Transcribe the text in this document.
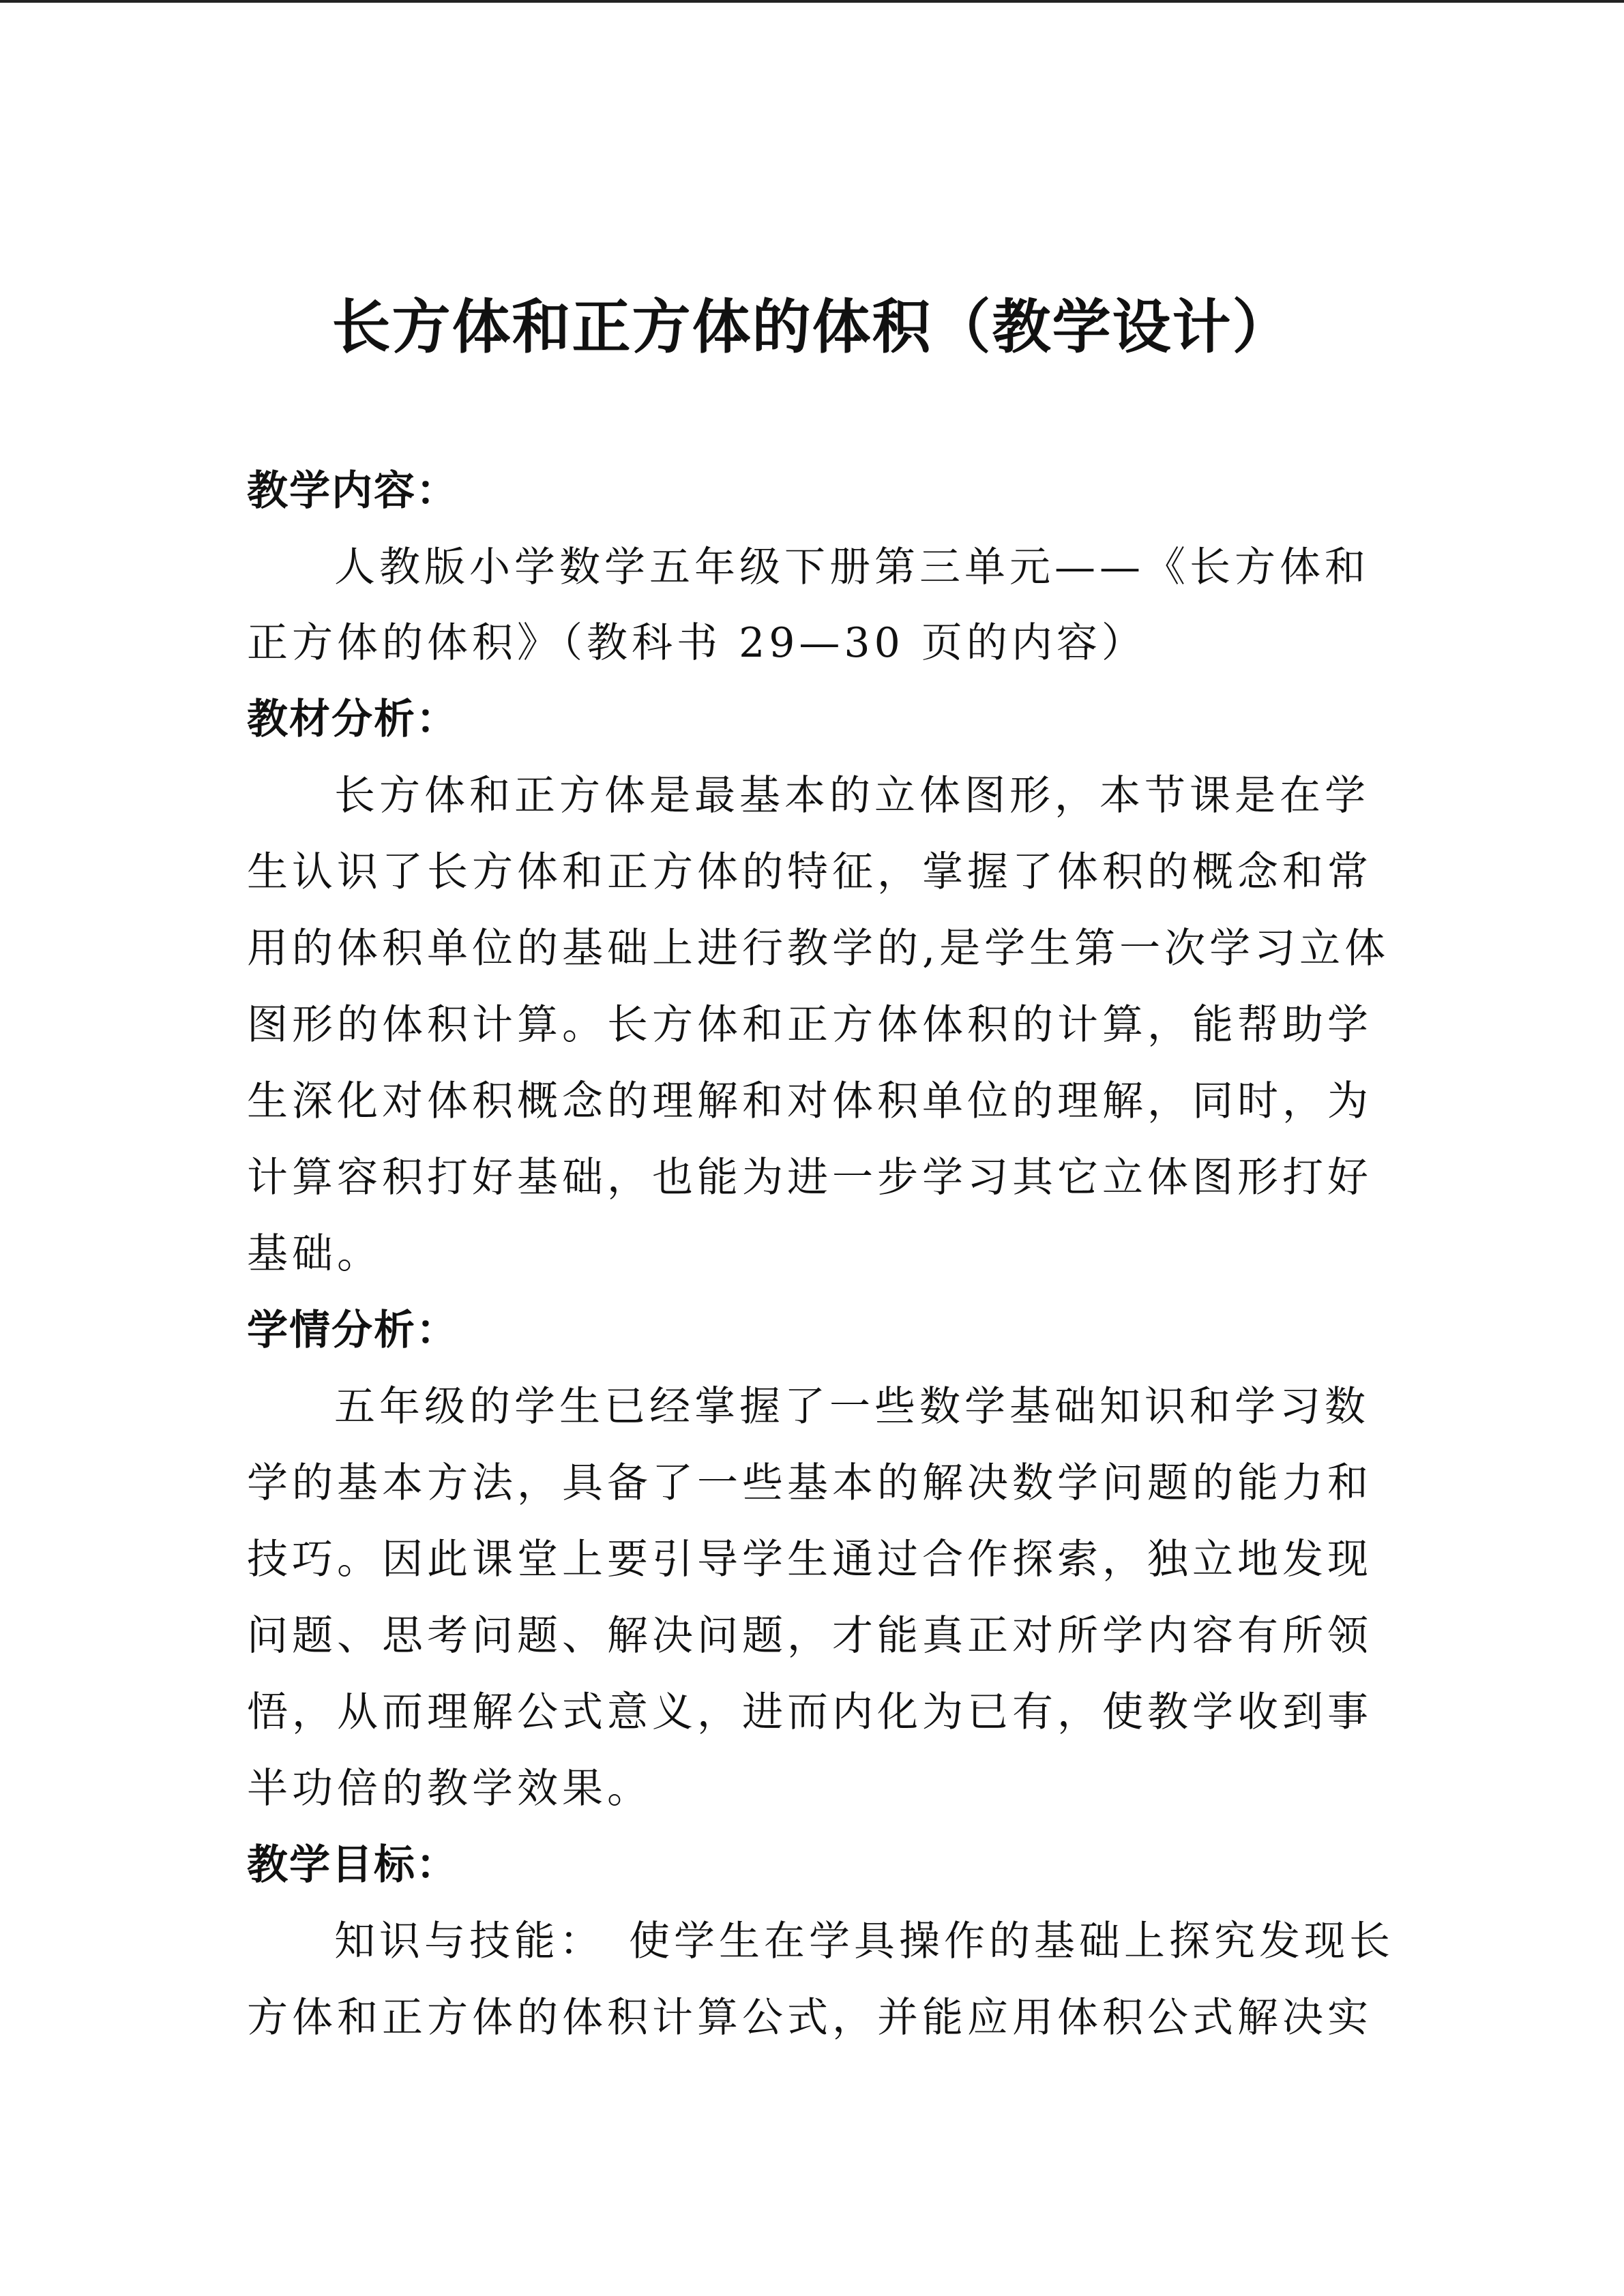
长方体和正方体的体积（教学设计）
教学内容：
人教版小学数学五年级下册第三单元——《长方体和
正方体的体积》（教科书 29—30 页的内容）
教材分析：
长方体和正方体是最基本的立体图形，本节课是在学
生认识了长方体和正方体的特征，掌握了体积的概念和常
用的体积单位的基础上进行教学的,是学生第一次学习立体
图形的体积计算。长方体和正方体体积的计算，能帮助学
生深化对体积概念的理解和对体积单位的理解，同时，为
计算容积打好基础，也能为进一步学习其它立体图形打好
基础。
学情分析：
五年级的学生已经掌握了一些数学基础知识和学习数
学的基本方法，具备了一些基本的解决数学问题的能力和
技巧。因此课堂上要引导学生通过合作探索，独立地发现
问题、思考问题、解决问题，才能真正对所学内容有所领
悟，从而理解公式意义，进而内化为已有，使教学收到事
半功倍的教学效果。
教学目标：
知识与技能：　使学生在学具操作的基础上探究发现长
方体和正方体的体积计算公式，并能应用体积公式解决实
